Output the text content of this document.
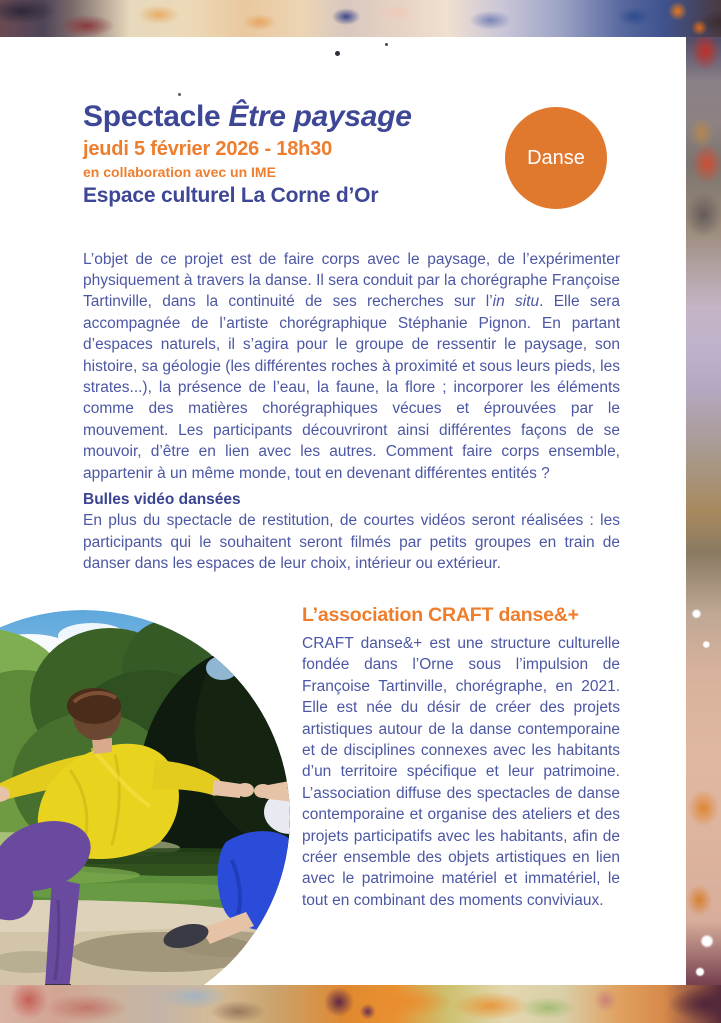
Spectacle Être paysage
jeudi 5 février 2026 - 18h30
en collaboration avec un IME
Espace culturel La Corne d’Or
Danse

L’objet de ce projet est de faire corps avec le paysage, de l’expérimenter physiquement à travers la danse. Il sera conduit par la chorégraphe Françoise Tartinville, dans la continuité de ses recherches sur l’in situ. Elle sera accompagnée de l’artiste chorégraphique Stéphanie Pignon. En partant d’espaces naturels, il s’agira pour le groupe de ressentir le paysage, son histoire, sa géologie (les différentes roches à proximité et sous leurs pieds, les strates...), la présence de l’eau, la faune, la flore ; incorporer les éléments comme des matières chorégraphiques vécues et éprouvées par le mouvement. Les participants découvriront ainsi différentes façons de se mouvoir, d’être en lien avec les autres. Comment faire corps ensemble, appartenir à un même monde, tout en devenant différentes entités ?

Bulles vidéo dansées
En plus du spectacle de restitution, de courtes vidéos seront réalisées : les participants qui le souhaitent seront filmés par petits groupes en train de danser dans les espaces de leur choix, intérieur ou extérieur.
L’association CRAFT danse&+
CRAFT danse&+ est une structure culturelle fondée dans l’Orne sous l’impulsion de Françoise Tartinville, chorégraphe, en 2021. Elle est née du désir de créer des projets artistiques autour de la danse contemporaine et de disciplines connexes avec les habitants d’un territoire spécifique et leur patrimoine. L’association diffuse des spectacles de danse contemporaine et organise des ateliers et des projets participatifs avec les habitants, afin de créer ensemble des objets artistiques en lien avec le patrimoine matériel et immatériel, le tout en combinant des moments conviviaux.
